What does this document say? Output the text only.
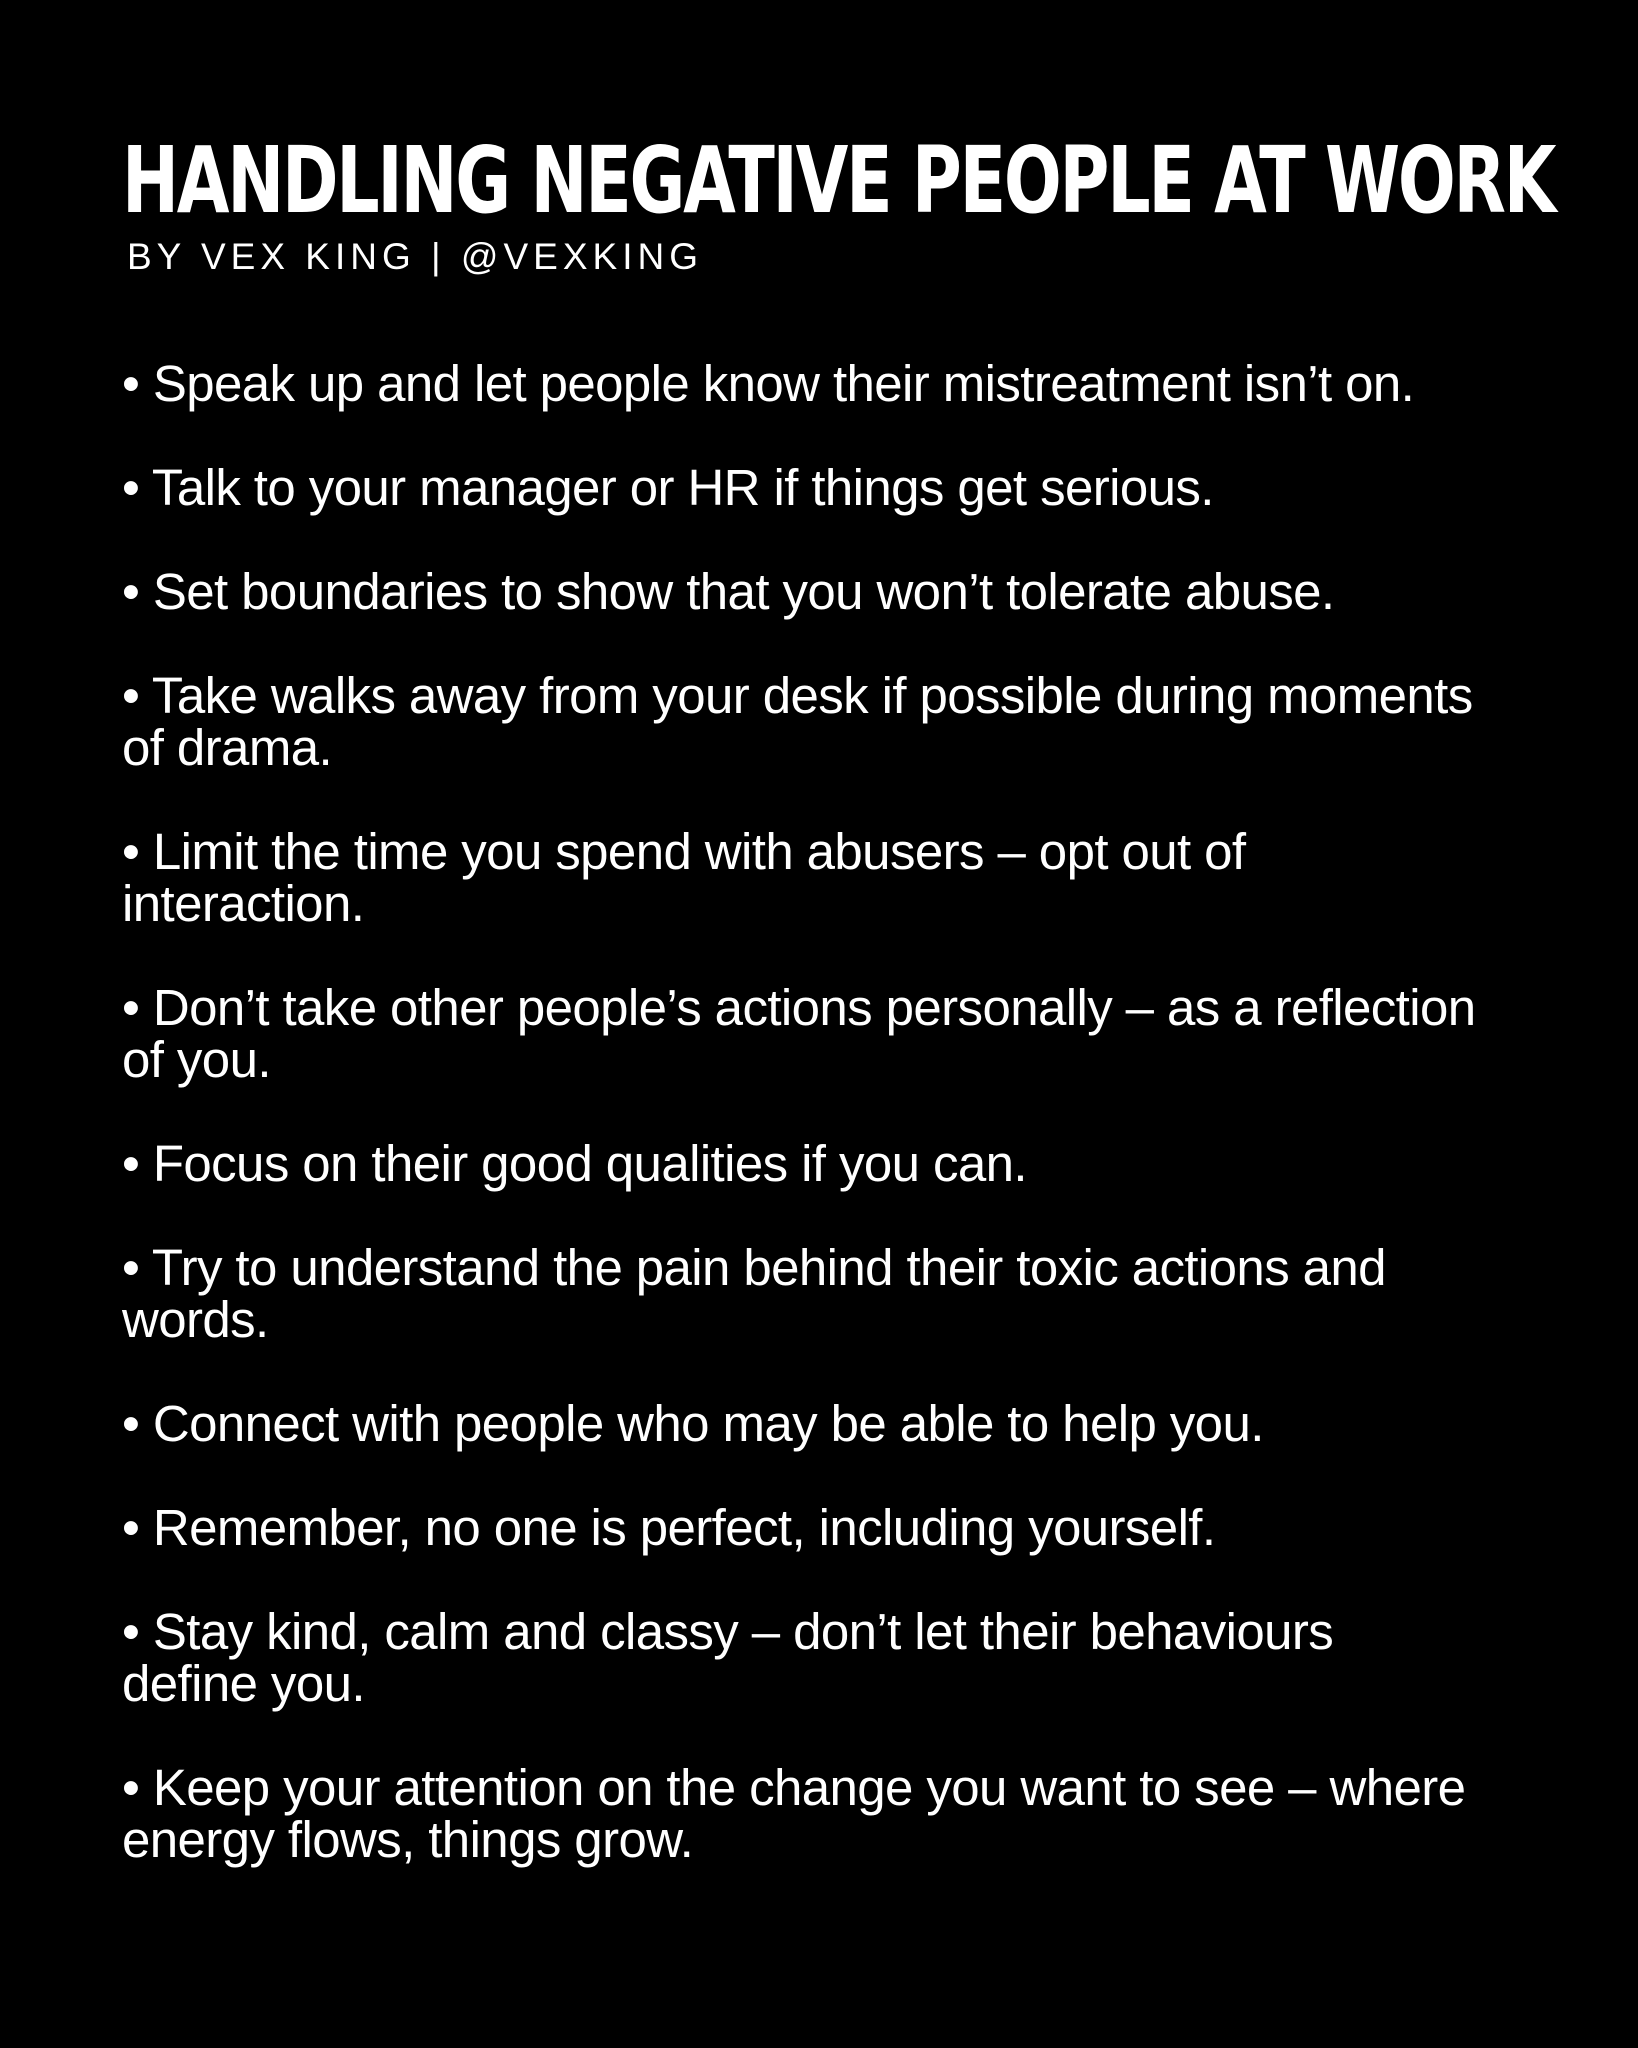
HANDLING NEGATIVE PEOPLE AT WORK

BY VEX KING | @VEXKING

• Speak up and let people know their mistreatment isn’t on.
• Talk to your manager or HR if things get serious.
• Set boundaries to show that you won’t tolerate abuse.
• Take walks away from your desk if possible during moments of drama.
• Limit the time you spend with abusers – opt out of interaction.
• Don’t take other people’s actions personally – as a reflection of you.
• Focus on their good qualities if you can.
• Try to understand the pain behind their toxic actions and words.
• Connect with people who may be able to help you.
• Remember, no one is perfect, including yourself.
• Stay kind, calm and classy – don’t let their behaviours define you.
• Keep your attention on the change you want to see – where energy flows, things grow.
